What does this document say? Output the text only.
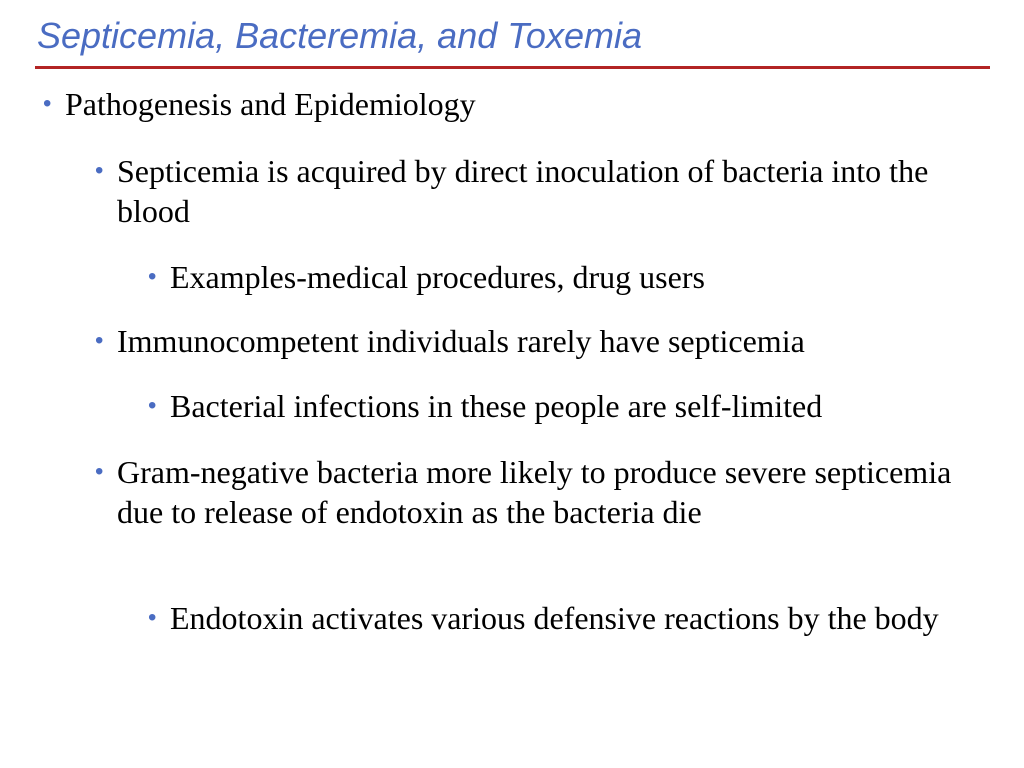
Septicemia, Bacteremia, and Toxemia
• Pathogenesis and Epidemiology
• Septicemia is acquired by direct inoculation of bacteria into the blood
• Examples-medical procedures, drug users
• Immunocompetent individuals rarely have septicemia
• Bacterial infections in these people are self-limited
• Gram-negative bacteria more likely to produce severe septicemia due to release of endotoxin as the bacteria die
• Endotoxin activates various defensive reactions by the body
